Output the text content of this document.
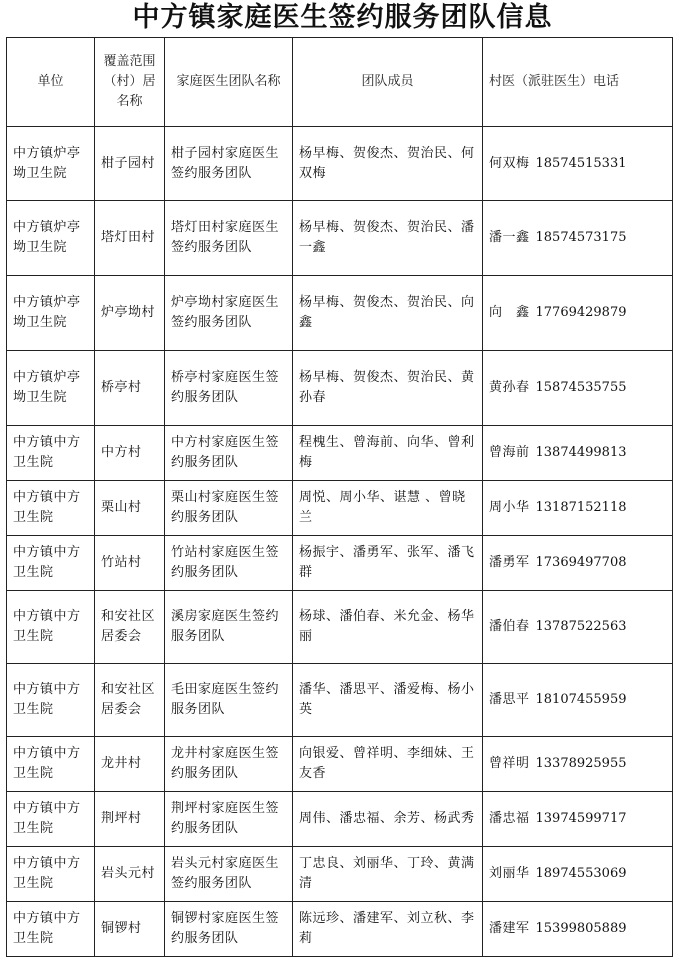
中方镇家庭医生签约服务团队信息
单位	覆盖范围（村）居名称	家庭医生团队名称	团队成员	村医（派驻医生）电话
中方镇炉亭坳卫生院	柑子园村	柑子园村家庭医生签约服务团队	杨早梅、贺俊杰、贺治民、何双梅	何双梅 18574515331
中方镇炉亭坳卫生院	塔灯田村	塔灯田村家庭医生签约服务团队	杨早梅、贺俊杰、贺治民、潘一鑫	潘一鑫 18574573175
中方镇炉亭坳卫生院	炉亭坳村	炉亭坳村家庭医生签约服务团队	杨早梅、贺俊杰、贺治民、向　鑫	向　鑫 17769429879
中方镇炉亭坳卫生院	桥亭村	桥亭村家庭医生签约服务团队	杨早梅、贺俊杰、贺治民、黄孙春	黄孙春 15874535755
中方镇中方卫生院	中方村	中方村家庭医生签约服务团队	程槐生、曾海前、向华、曾利梅	曾海前 13874499813
中方镇中方卫生院	栗山村	栗山村家庭医生签约服务团队	周悦、周小华、谌慧 、曾晓兰	周小华 13187152118
中方镇中方卫生院	竹站村	竹站村家庭医生签约服务团队	杨振宇、潘勇军、张军、潘飞群	潘勇军 17369497708
中方镇中方卫生院	和安社区居委会	溪房家庭医生签约服务团队	杨球、潘伯春、米允金、杨华丽	潘伯春 13787522563
中方镇中方卫生院	和安社区居委会	毛田家庭医生签约服务团队	潘华、潘思平、潘爱梅、杨小英	潘思平 18107455959
中方镇中方卫生院	龙井村	龙井村家庭医生签约服务团队	向银爱、曾祥明、李细妹、王友香	曾祥明 13378925955
中方镇中方卫生院	荆坪村	荆坪村家庭医生签约服务团队	周伟、潘忠福、余芳、杨武秀	潘忠福 13974599717
中方镇中方卫生院	岩头元村	岩头元村家庭医生签约服务团队	丁忠良、刘丽华、丁玲、黄满清	刘丽华 18974553069
中方镇中方卫生院	铜锣村	铜锣村家庭医生签约服务团队	陈远珍、潘建军、刘立秋、李莉	潘建军 15399805889
